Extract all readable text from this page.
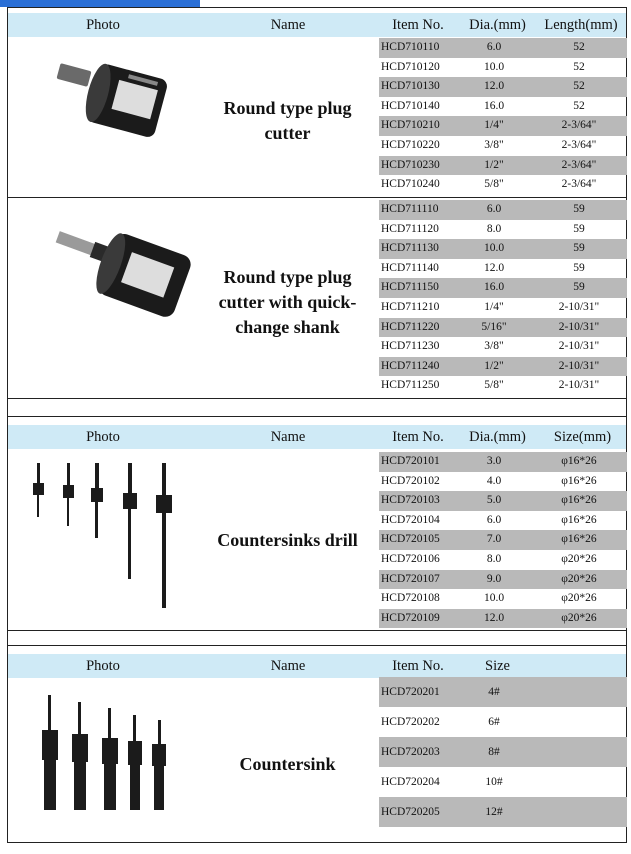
Photo	Name	Item No.	Dia.(mm)	Length(mm)
HCD710110	6.0	52
HCD710120	10.0	52
HCD710130	12.0	52
HCD710140	16.0	52
HCD710210	1/4"	2-3/64"
HCD710220	3/8"	2-3/64"
HCD710230	1/2"	2-3/64"
HCD710240	5/8"	2-3/64"
Round type plug
cutter
HCD711110	6.0	59
HCD711120	8.0	59
HCD711130	10.0	59
HCD711140	12.0	59
HCD711150	16.0	59
HCD711210	1/4"	2-10/31"
HCD711220	5/16"	2-10/31"
HCD711230	3/8"	2-10/31"
HCD711240	1/2"	2-10/31"
HCD711250	5/8"	2-10/31"
Round type plug
cutter with quick-
change shank
Photo	Name	Item No.	Dia.(mm)	Size(mm)
HCD720101	3.0	φ16*26
HCD720102	4.0	φ16*26
HCD720103	5.0	φ16*26
HCD720104	6.0	φ16*26
HCD720105	7.0	φ16*26
HCD720106	8.0	φ20*26
HCD720107	9.0	φ20*26
HCD720108	10.0	φ20*26
HCD720109	12.0	φ20*26
Countersinks drill
Photo	Name	Item No.	Size
HCD720201	4#
HCD720202	6#
HCD720203	8#
HCD720204	10#
HCD720205	12#
Countersink
